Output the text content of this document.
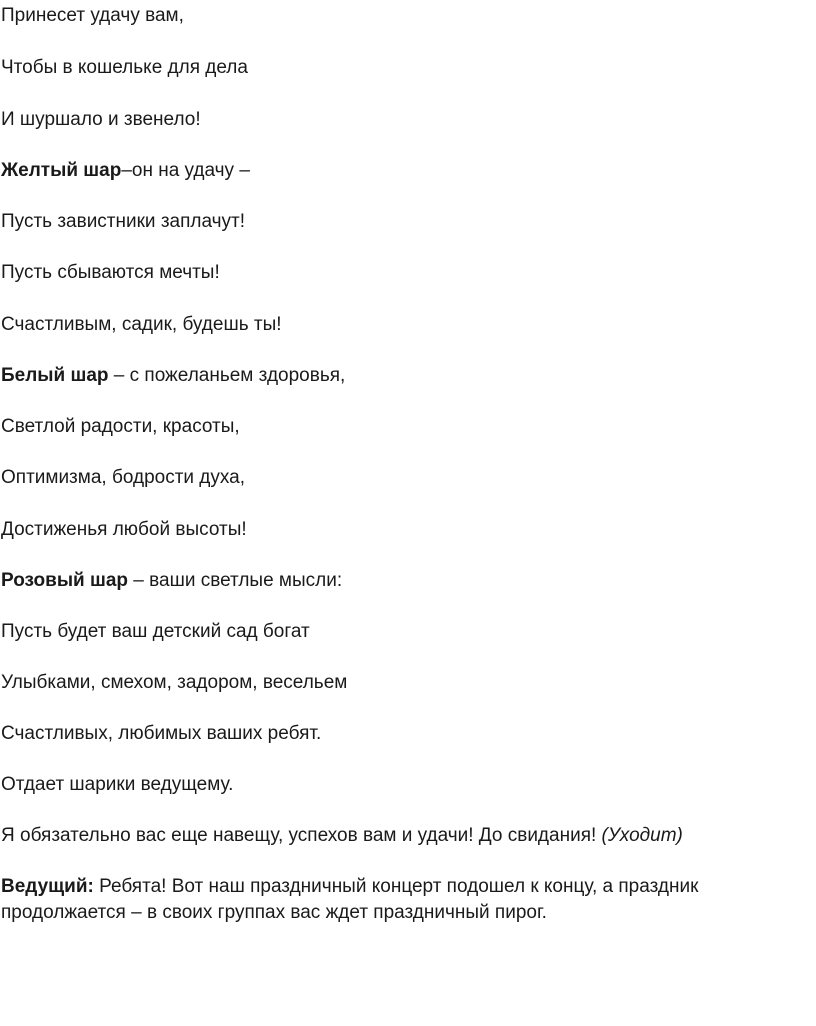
Принесет удачу вам,

Чтобы в кошельке для дела

И шуршало и звенело!

Желтый шар–он на удачу –

Пусть завистники заплачут!

Пусть сбываются мечты!

Счастливым, садик, будешь ты!

Белый шар – с пожеланьем здоровья,

Светлой радости, красоты,

Оптимизма, бодрости духа,

Достиженья любой высоты!

Розовый шар – ваши светлые мысли:

Пусть будет ваш детский сад богат

Улыбками, смехом, задором, весельем

Счастливых, любимых ваших ребят.

Отдает шарики ведущему.

Я обязательно вас еще навещу, успехов вам и удачи! До свидания! (Уходит)

Ведущий: Ребята! Вот наш праздничный концерт подошел к концу, а праздник продолжается – в своих группах вас ждет праздничный пирог.
